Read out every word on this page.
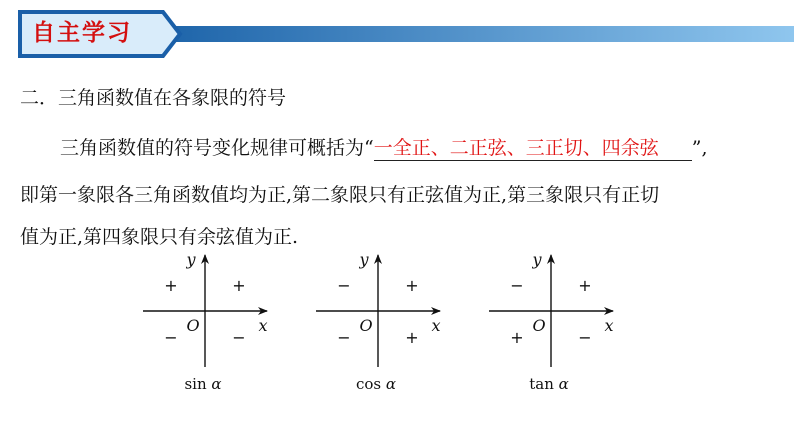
自主学习
二．三角函数值在各象限的符号
三角函数值的符号变化规律可概括为“一全正、二正弦、三正切、四余弦 ”,
即第一象限各三角函数值均为正,第二象限只有正弦值为正,第三象限只有正切
值为正,第四象限只有余弦值为正.
x
y
O
+
+
−	−
sin α
x
y
O
+
−
−	+
cos α
x
y
O
+
−
+	−
tan α
